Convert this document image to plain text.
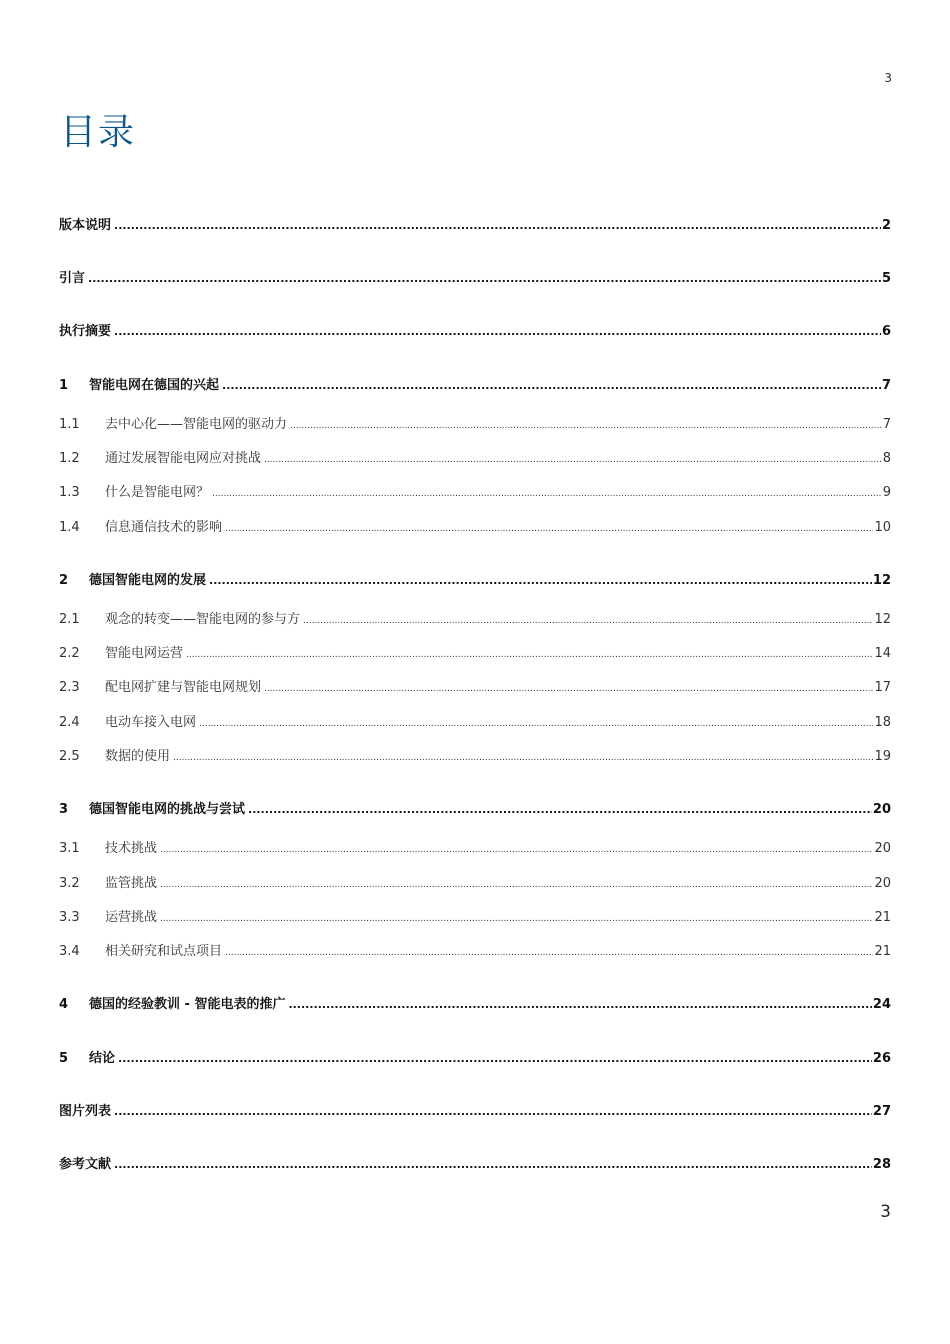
3
目录
版本说明 .....	2
引言 .....	5
执行摘要 .....	6
1	智能电网在德国的兴起 .....	7
1.1	去中心化——智能电网的驱动力 .....	7
1.2	通过发展智能电网应对挑战 .....	8
1.3	什么是智能电网？ .....	9
1.4	信息通信技术的影响 .....	10
2	德国智能电网的发展 .....	12
2.1	观念的转变——智能电网的参与方 .....	12
2.2	智能电网运营 .....	14
2.3	配电网扩建与智能电网规划 .....	17
2.4	电动车接入电网 .....	18
2.5	数据的使用 .....	19
3	德国智能电网的挑战与尝试 .....	20
3.1	技术挑战 .....	20
3.2	监管挑战 .....	20
3.3	运营挑战 .....	21
3.4	相关研究和试点项目 .....	21
4	德国的经验教训 - 智能电表的推广 .....	24
5	结论 .....	26
图片列表 .....	27
参考文献 .....	28
3
